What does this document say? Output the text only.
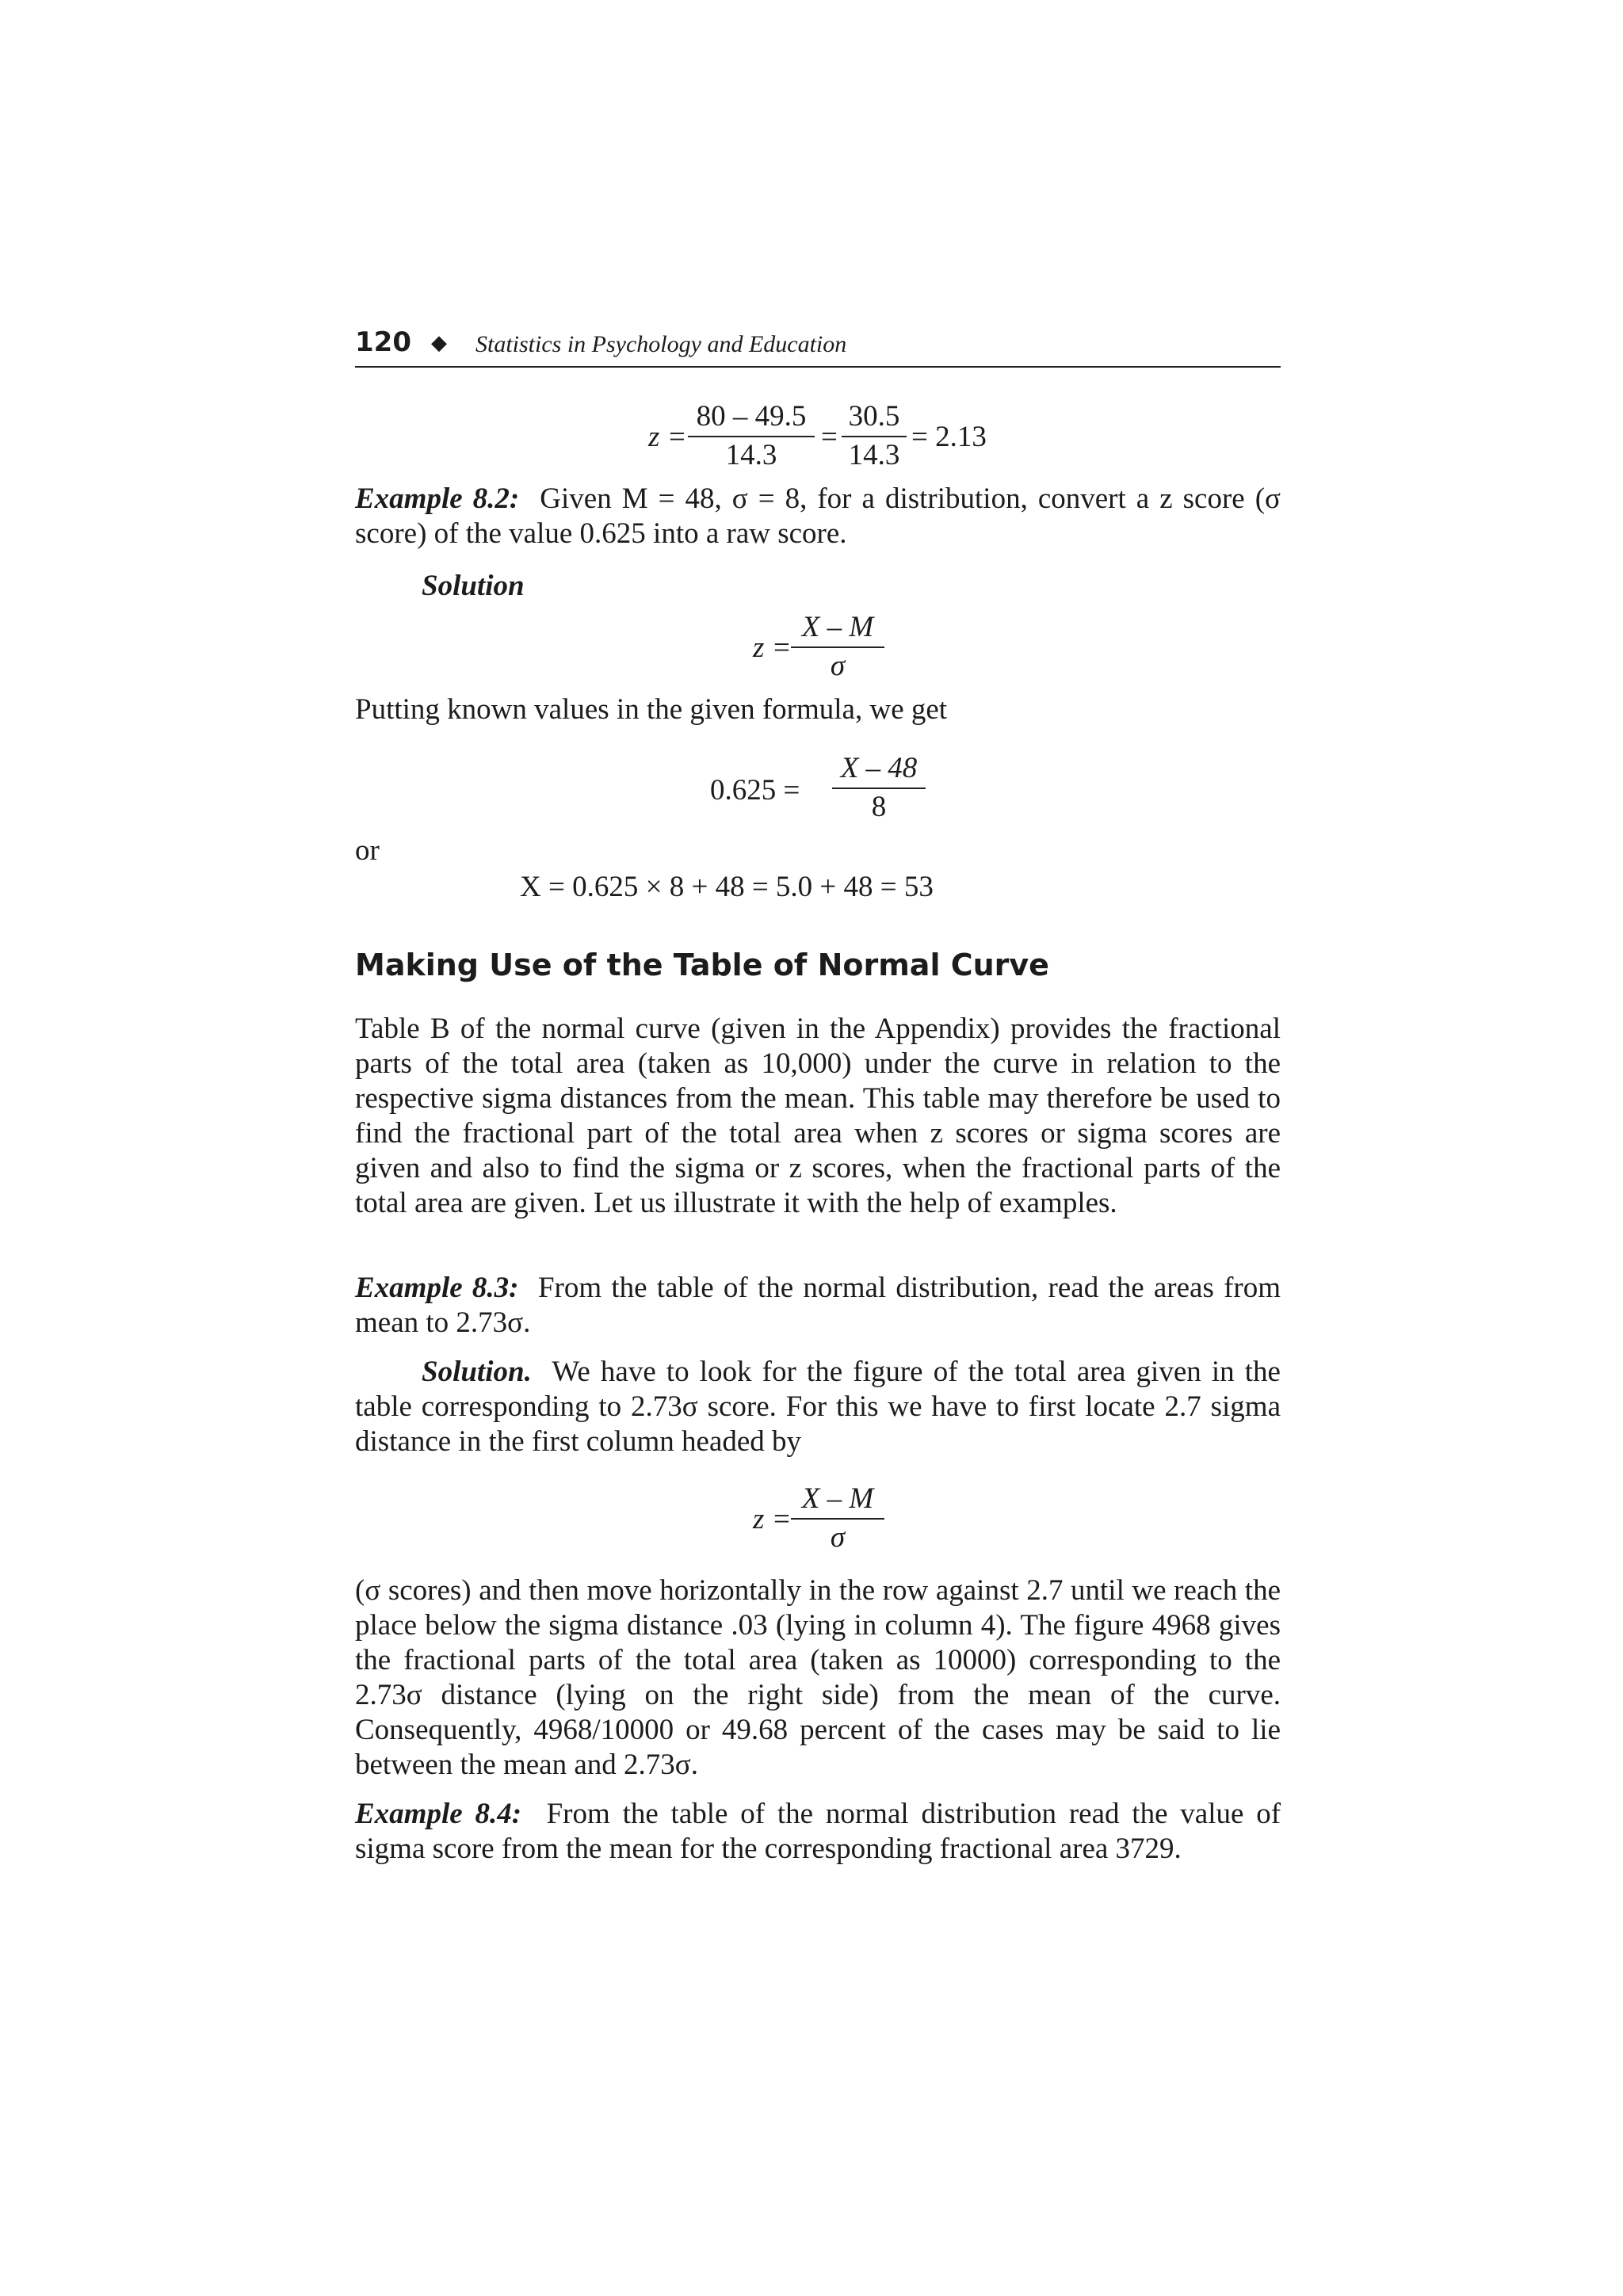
120 ◆ Statistics in Psychology and Education
$z = \frac{80 - 49.5}{14.3} = \frac{30.5}{14.3} = 2.13$

Example 8.2: Given M = 48, σ = 8, for a distribution, convert a z score (σ score) of the value 0.625 into a raw score.

Solution
$z = \frac{X - M}{\sigma}$

Putting known values in the given formula, we get

$0.625 = \frac{X - 48}{8}$

or

X = 0.625 × 8 + 48 = 5.0 + 48 = 53
Making Use of the Table of Normal Curve

Table B of the normal curve (given in the Appendix) provides the fractional parts of the total area (taken as 10,000) under the curve in relation to the respective sigma distances from the mean. This table may therefore be used to find the fractional part of the total area when z scores or sigma scores are given and also to find the sigma or z scores, when the fractional parts of the total area are given. Let us illustrate it with the help of examples.

Example 8.3: From the table of the normal distribution, read the areas from mean to 2.73σ.

Solution. We have to look for the figure of the total area given in the table corresponding to 2.73σ score. For this we have to first locate 2.7 sigma distance in the first column headed by

$z = \frac{X - M}{\sigma}$

(σ scores) and then move horizontally in the row against 2.7 until we reach the place below the sigma distance .03 (lying in column 4). The figure 4968 gives the fractional parts of the total area (taken as 10000) corresponding to the 2.73σ distance (lying on the right side) from the mean of the curve. Consequently, 4968/10000 or 49.68 percent of the cases may be said to lie between the mean and 2.73σ.

Example 8.4: From the table of the normal distribution read the value of sigma score from the mean for the corresponding fractional area 3729.
